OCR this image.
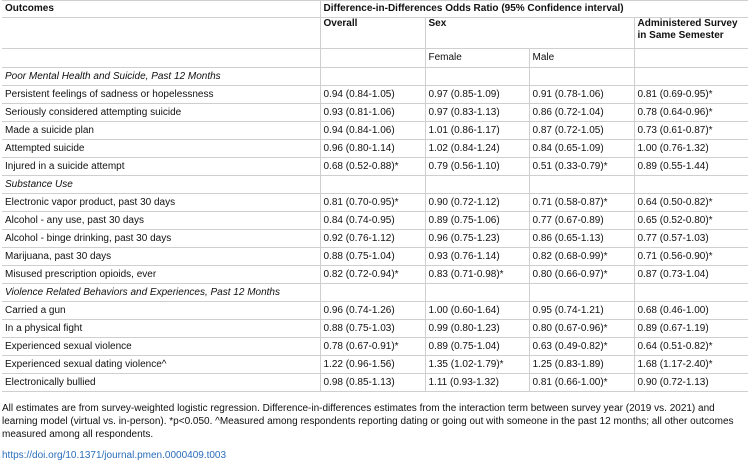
Outcomes	Difference-in-Differences Odds Ratio (95% Confidence interval)			
	Overall	Sex		Administered Survey in Same Semester
		Female	Male	
Poor Mental Health and Suicide, Past 12 Months				
Persistent feelings of sadness or hopelessness	0.94 (0.84-1.05)	0.97 (0.85-1.09)	0.91 (0.78-1.06)	0.81 (0.69-0.95)*
Seriously considered attempting suicide	0.93 (0.81-1.06)	0.97 (0.83-1.13)	0.86 (0.72-1.04)	0.78 (0.64-0.96)*
Made a suicide plan	0.94 (0.84-1.06)	1.01 (0.86-1.17)	0.87 (0.72-1.05)	0.73 (0.61-0.87)*
Attempted suicide	0.96 (0.80-1.14)	1.02 (0.84-1.24)	0.84 (0.65-1.09)	1.00 (0.76-1.32)
Injured in a suicide attempt	0.68 (0.52-0.88)*	0.79 (0.56-1.10)	0.51 (0.33-0.79)*	0.89 (0.55-1.44)
Substance Use				
Electronic vapor product, past 30 days	0.81 (0.70-0.95)*	0.90 (0.72-1.12)	0.71 (0.58-0.87)*	0.64 (0.50-0.82)*
Alcohol - any use, past 30 days	0.84 (0.74-0.95)	0.89 (0.75-1.06)	0.77 (0.67-0.89)	0.65 (0.52-0.80)*
Alcohol - binge drinking, past 30 days	0.92 (0.76-1.12)	0.96 (0.75-1.23)	0.86 (0.65-1.13)	0.77 (0.57-1.03)
Marijuana, past 30 days	0.88 (0.75-1.04)	0.93 (0.76-1.14)	0.82 (0.68-0.99)*	0.71 (0.56-0.90)*
Misused prescription opioids, ever	0.82 (0.72-0.94)*	0.83 (0.71-0.98)*	0.80 (0.66-0.97)*	0.87 (0.73-1.04)
Violence Related Behaviors and Experiences, Past 12 Months				
Carried a gun	0.96 (0.74-1.26)	1.00 (0.60-1.64)	0.95 (0.74-1.21)	0.68 (0.46-1.00)
In a physical fight	0.88 (0.75-1.03)	0.99 (0.80-1.23)	0.80 (0.67-0.96)*	0.89 (0.67-1.19)
Experienced sexual violence	0.78 (0.67-0.91)*	0.89 (0.75-1.04)	0.63 (0.49-0.82)*	0.64 (0.51-0.82)*
Experienced sexual dating violence^	1.22 (0.96-1.56)	1.35 (1.02-1.79)*	1.25 (0.83-1.89)	1.68 (1.17-2.40)*
Electronically bullied	0.98 (0.85-1.13)	1.11 (0.93-1.32)	0.81 (0.66-1.00)*	0.90 (0.72-1.13)
All estimates are from survey-weighted logistic regression. Difference-in-differences estimates from the interaction term between survey year (2019 vs. 2021) and learning model (virtual vs. in-person). *p<0.050. ^Measured among respondents reporting dating or going out with someone in the past 12 months; all other outcomes measured among all respondents.
https://doi.org/10.1371/journal.pmen.0000409.t003
